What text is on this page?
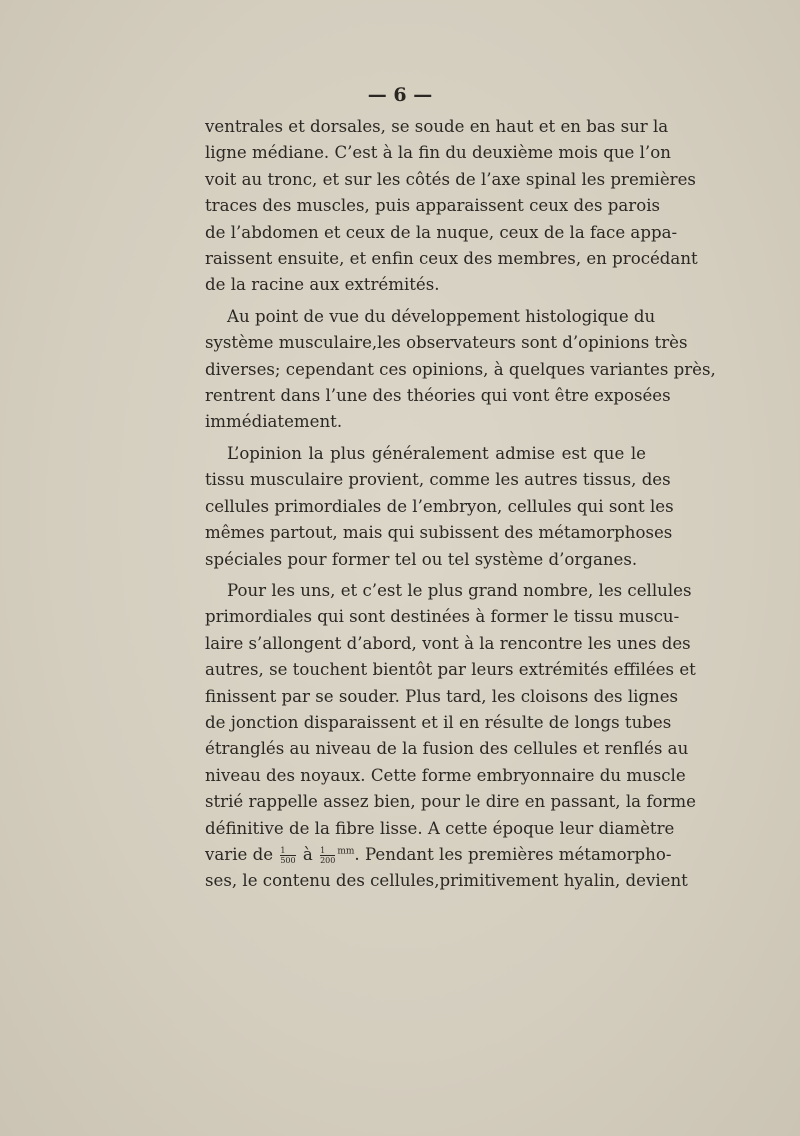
— 6 —
ventrales et dorsales, se soude en haut et en bas sur la
ligne médiane. C’est à la fin du deuxième mois que l’on
voit au tronc, et sur les côtés de l’axe spinal les premières
traces des muscles, puis apparaissent ceux des parois
de l’abdomen et ceux de la nuque, ceux de la face appa-
raissent ensuite, et enfin ceux des membres, en procédant
de la racine aux extrémités.
Au point de vue du développement histologique du
système musculaire,les observateurs sont d’opinions très
diverses; cependant ces opinions, à quelques variantes près,
rentrent dans l’une des théories qui vont être exposées
immédiatement.
L’opinion la plus généralement admise est que le
tissu musculaire provient, comme les autres tissus, des
cellules primordiales de l’embryon, cellules qui sont les
mêmes partout, mais qui subissent des métamorphoses
spéciales pour former tel ou tel système d’organes.
Pour les uns, et c’est le plus grand nombre, les cellules
primordiales qui sont destinées à former le tissu muscu-
laire s’allongent d’abord, vont à la rencontre les unes des
autres, se touchent bientôt par leurs extrémités effilées et
finissent par se souder. Plus tard, les cloisons des lignes
de jonction disparaissent et il en résulte de longs tubes
étranglés au niveau de la fusion des cellules et renflés au
niveau des noyaux. Cette forme embryonnaire du muscle
strié rappelle assez bien, pour le dire en passant, la forme
définitive de la fibre lisse. A cette époque leur diamètre
varie de $\frac{1}{500}$ à $\frac{1}{200} ^{mm}$. Pendant les premières métamorpho-
ses, le contenu des cellules,primitivement hyalin, devient
